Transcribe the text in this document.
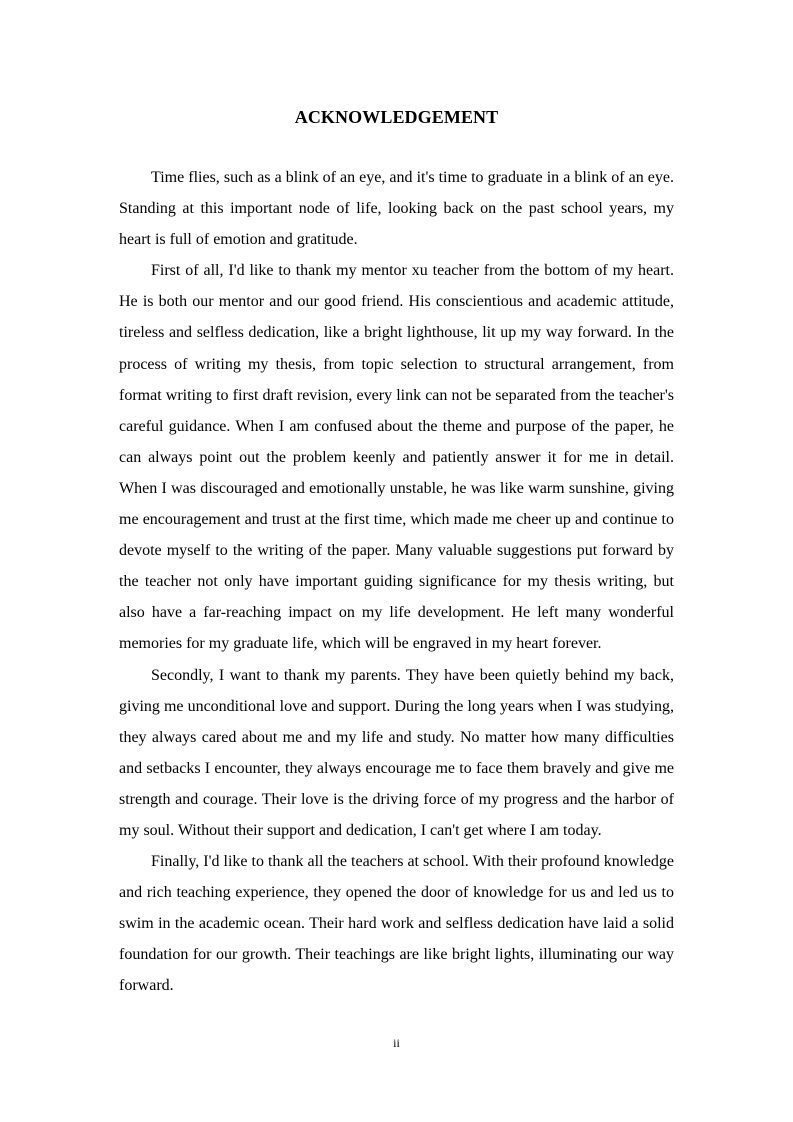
ACKNOWLEDGEMENT

Time flies, such as a blink of an eye, and it's time to graduate in a blink of an eye. Standing at this important node of life, looking back on the past school years, my heart is full of emotion and gratitude.

First of all, I'd like to thank my mentor xu teacher from the bottom of my heart. He is both our mentor and our good friend. His conscientious and academic attitude, tireless and selfless dedication, like a bright lighthouse, lit up my way forward. In the process of writing my thesis, from topic selection to structural arrangement, from format writing to first draft revision, every link can not be separated from the teacher's careful guidance. When I am confused about the theme and purpose of the paper, he can always point out the problem keenly and patiently answer it for me in detail. When I was discouraged and emotionally unstable, he was like warm sunshine, giving me encouragement and trust at the first time, which made me cheer up and continue to devote myself to the writing of the paper. Many valuable suggestions put forward by the teacher not only have important guiding significance for my thesis writing, but also have a far-reaching impact on my life development. He left many wonderful memories for my graduate life, which will be engraved in my heart forever.

Secondly, I want to thank my parents. They have been quietly behind my back, giving me unconditional love and support. During the long years when I was studying, they always cared about me and my life and study. No matter how many difficulties and setbacks I encounter, they always encourage me to face them bravely and give me strength and courage. Their love is the driving force of my progress and the harbor of my soul. Without their support and dedication, I can't get where I am today.

Finally, I'd like to thank all the teachers at school. With their profound knowledge and rich teaching experience, they opened the door of knowledge for us and led us to swim in the academic ocean. Their hard work and selfless dedication have laid a solid foundation for our growth. Their teachings are like bright lights, illuminating our way forward.

ii
